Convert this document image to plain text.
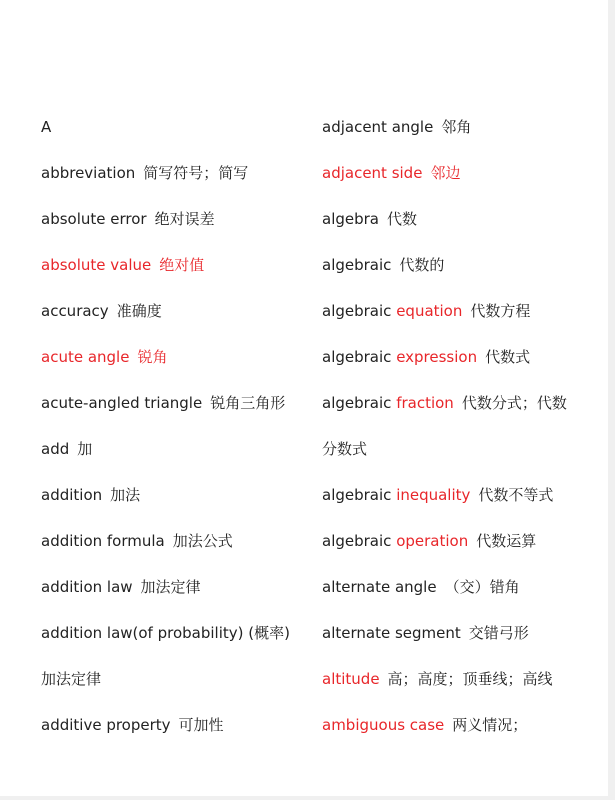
A
abbreviation 简写符号；简写
absolute error 绝对误差
absolute value 绝对值
accuracy 准确度
acute angle 锐角
acute-angled triangle 锐角三角形
add 加
addition 加法
addition formula 加法公式
addition law 加法定律
addition law(of probability) (概率)
加法定律
additive property 可加性
adjacent angle 邻角
adjacent side 邻边
algebra 代数
algebraic 代数的
algebraic equation 代数方程
algebraic expression 代数式
algebraic fraction 代数分式；代数
分数式
algebraic inequality 代数不等式
algebraic operation 代数运算
alternate angle （交）错角
alternate segment 交错弓形
altitude 高；高度；顶垂线；高线
ambiguous case 两义情况；
